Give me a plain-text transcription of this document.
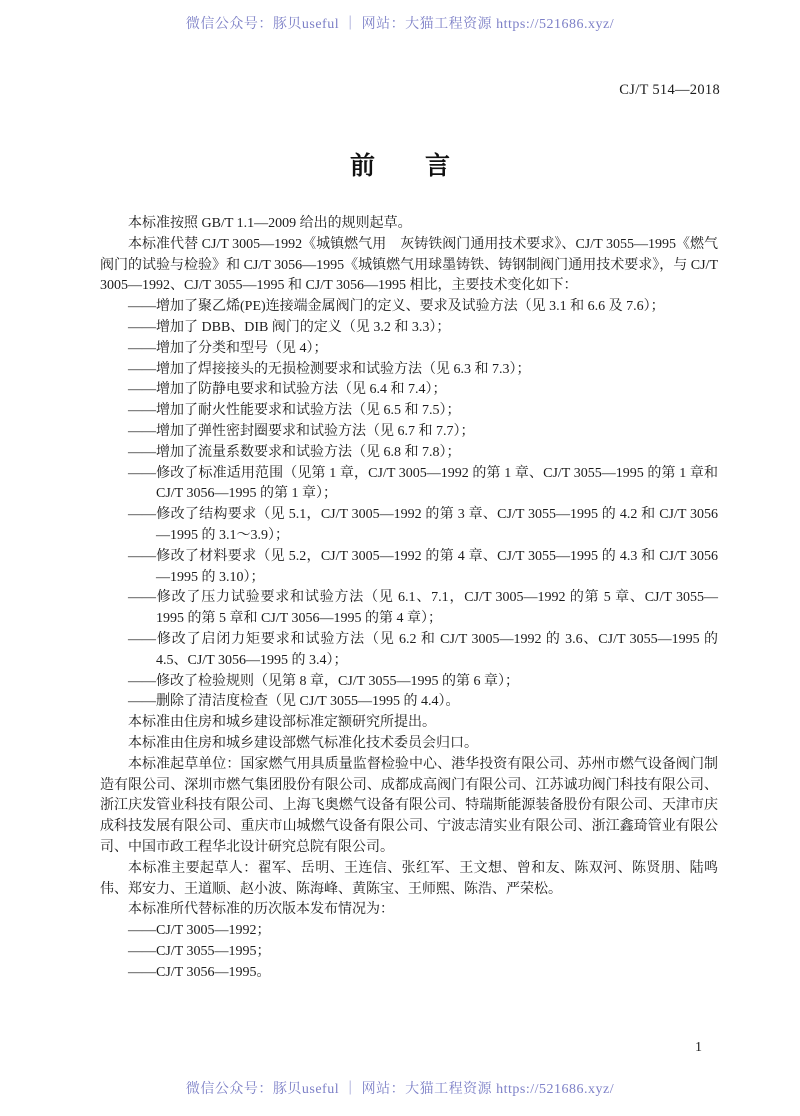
微信公众号：豚贝useful ｜ 网站：大猫工程资源 https://521686.xyz/
CJ/T 514—2018
前　　言

本标准按照 GB/T 1.1—2009 给出的规则起草。

本标准代替 CJ/T 3005—1992《城镇燃气用　灰铸铁阀门通用技术要求》、CJ/T 3055—1995《燃气阀门的试验与检验》和 CJ/T 3056—1995《城镇燃气用球墨铸铁、铸钢制阀门通用技术要求》，与 CJ/T 3005—1992、CJ/T 3055—1995 和 CJ/T 3056—1995 相比，主要技术变化如下：

——增加了聚乙烯(PE)连接端金属阀门的定义、要求及试验方法（见 3.1 和 6.6 及 7.6）；

——增加了 DBB、DIB 阀门的定义（见 3.2 和 3.3）；

——增加了分类和型号（见 4）；

——增加了焊接接头的无损检测要求和试验方法（见 6.3 和 7.3）；

——增加了防静电要求和试验方法（见 6.4 和 7.4）；

——增加了耐火性能要求和试验方法（见 6.5 和 7.5）；

——增加了弹性密封圈要求和试验方法（见 6.7 和 7.7）；

——增加了流量系数要求和试验方法（见 6.8 和 7.8）；

——修改了标准适用范围（见第 1 章，CJ/T 3005—1992 的第 1 章、CJ/T 3055—1995 的第 1 章和 CJ/T 3056—1995 的第 1 章）；

——修改了结构要求（见 5.1，CJ/T 3005—1992 的第 3 章、CJ/T 3055—1995 的 4.2 和 CJ/T 3056—1995 的 3.1～3.9）；

——修改了材料要求（见 5.2，CJ/T 3005—1992 的第 4 章、CJ/T 3055—1995 的 4.3 和 CJ/T 3056—1995 的 3.10）；

——修改了压力试验要求和试验方法（见 6.1、7.1，CJ/T 3005—1992 的第 5 章、CJ/T 3055—1995 的第 5 章和 CJ/T 3056—1995 的第 4 章）；

——修改了启闭力矩要求和试验方法（见 6.2 和 CJ/T 3005—1992 的 3.6、CJ/T 3055—1995 的 4.5、CJ/T 3056—1995 的 3.4）；

——修改了检验规则（见第 8 章，CJ/T 3055—1995 的第 6 章）；

——删除了清洁度检查（见 CJ/T 3055—1995 的 4.4）。

本标准由住房和城乡建设部标准定额研究所提出。

本标准由住房和城乡建设部燃气标准化技术委员会归口。

本标准起草单位：国家燃气用具质量监督检验中心、港华投资有限公司、苏州市燃气设备阀门制造有限公司、深圳市燃气集团股份有限公司、成都成高阀门有限公司、江苏诚功阀门科技有限公司、浙江庆发管业科技有限公司、上海飞奥燃气设备有限公司、特瑞斯能源装备股份有限公司、天津市庆成科技发展有限公司、重庆市山城燃气设备有限公司、宁波志清实业有限公司、浙江鑫琦管业有限公司、中国市政工程华北设计研究总院有限公司。

本标准主要起草人：翟军、岳明、王连信、张红军、王文想、曾和友、陈双河、陈贤朋、陆鸣伟、郑安力、王道顺、赵小波、陈海峰、黄陈宝、王师熙、陈浩、严荣松。

本标准所代替标准的历次版本发布情况为：

——CJ/T 3005—1992；

——CJ/T 3055—1995；

——CJ/T 3056—1995。

1
微信公众号：豚贝useful ｜ 网站：大猫工程资源 https://521686.xyz/
